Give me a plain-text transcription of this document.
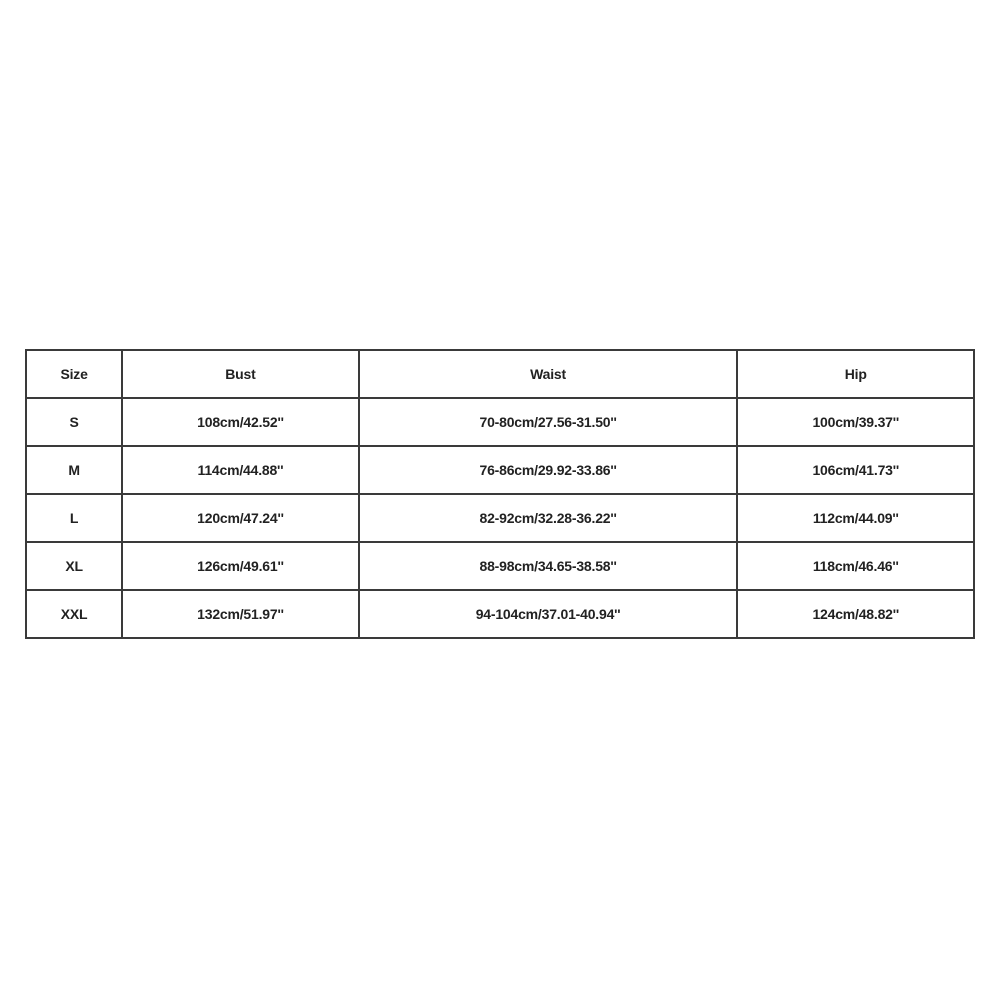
Size	Bust	Waist	Hip
S	108cm/42.52''	70-80cm/27.56-31.50''	100cm/39.37''
M	114cm/44.88''	76-86cm/29.92-33.86''	106cm/41.73''
L	120cm/47.24''	82-92cm/32.28-36.22''	112cm/44.09''
XL	126cm/49.61''	88-98cm/34.65-38.58''	118cm/46.46''
XXL	132cm/51.97''	94-104cm/37.01-40.94''	124cm/48.82''
